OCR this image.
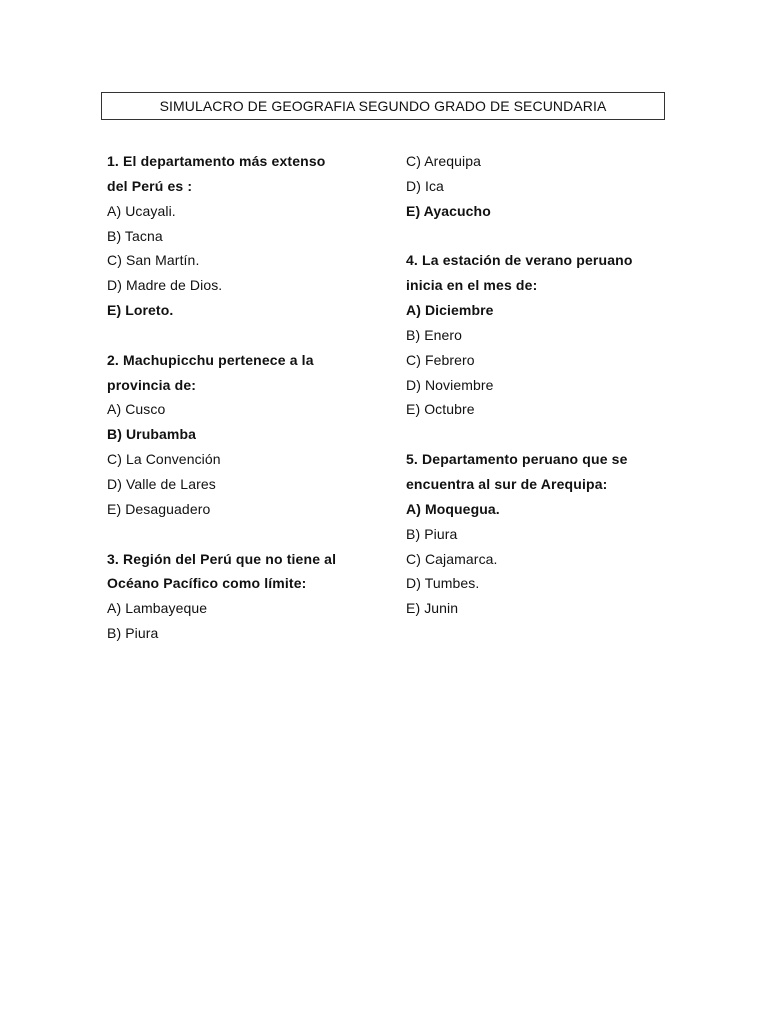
SIMULACRO DE GEOGRAFIA SEGUNDO GRADO DE SECUNDARIA
1. El departamento más extenso
del Perú es :
A) Ucayali.
B) Tacna
C) San Martín.
D) Madre de Dios.
E) Loreto.
2. Machupicchu pertenece a la
provincia de:
A) Cusco
B) Urubamba
C) La Convención
D) Valle de Lares
E) Desaguadero
3. Región del Perú que no tiene al
Océano Pacífico como límite:
A) Lambayeque
B) Piura
C) Arequipa
D) Ica
E) Ayacucho
4. La estación de verano peruano
inicia en el mes de:
A) Diciembre
B) Enero
C) Febrero
D) Noviembre
E) Octubre
5. Departamento peruano que se
encuentra al sur de Arequipa:
A) Moquegua.
B) Piura
C) Cajamarca.
D) Tumbes.
E) Junin
